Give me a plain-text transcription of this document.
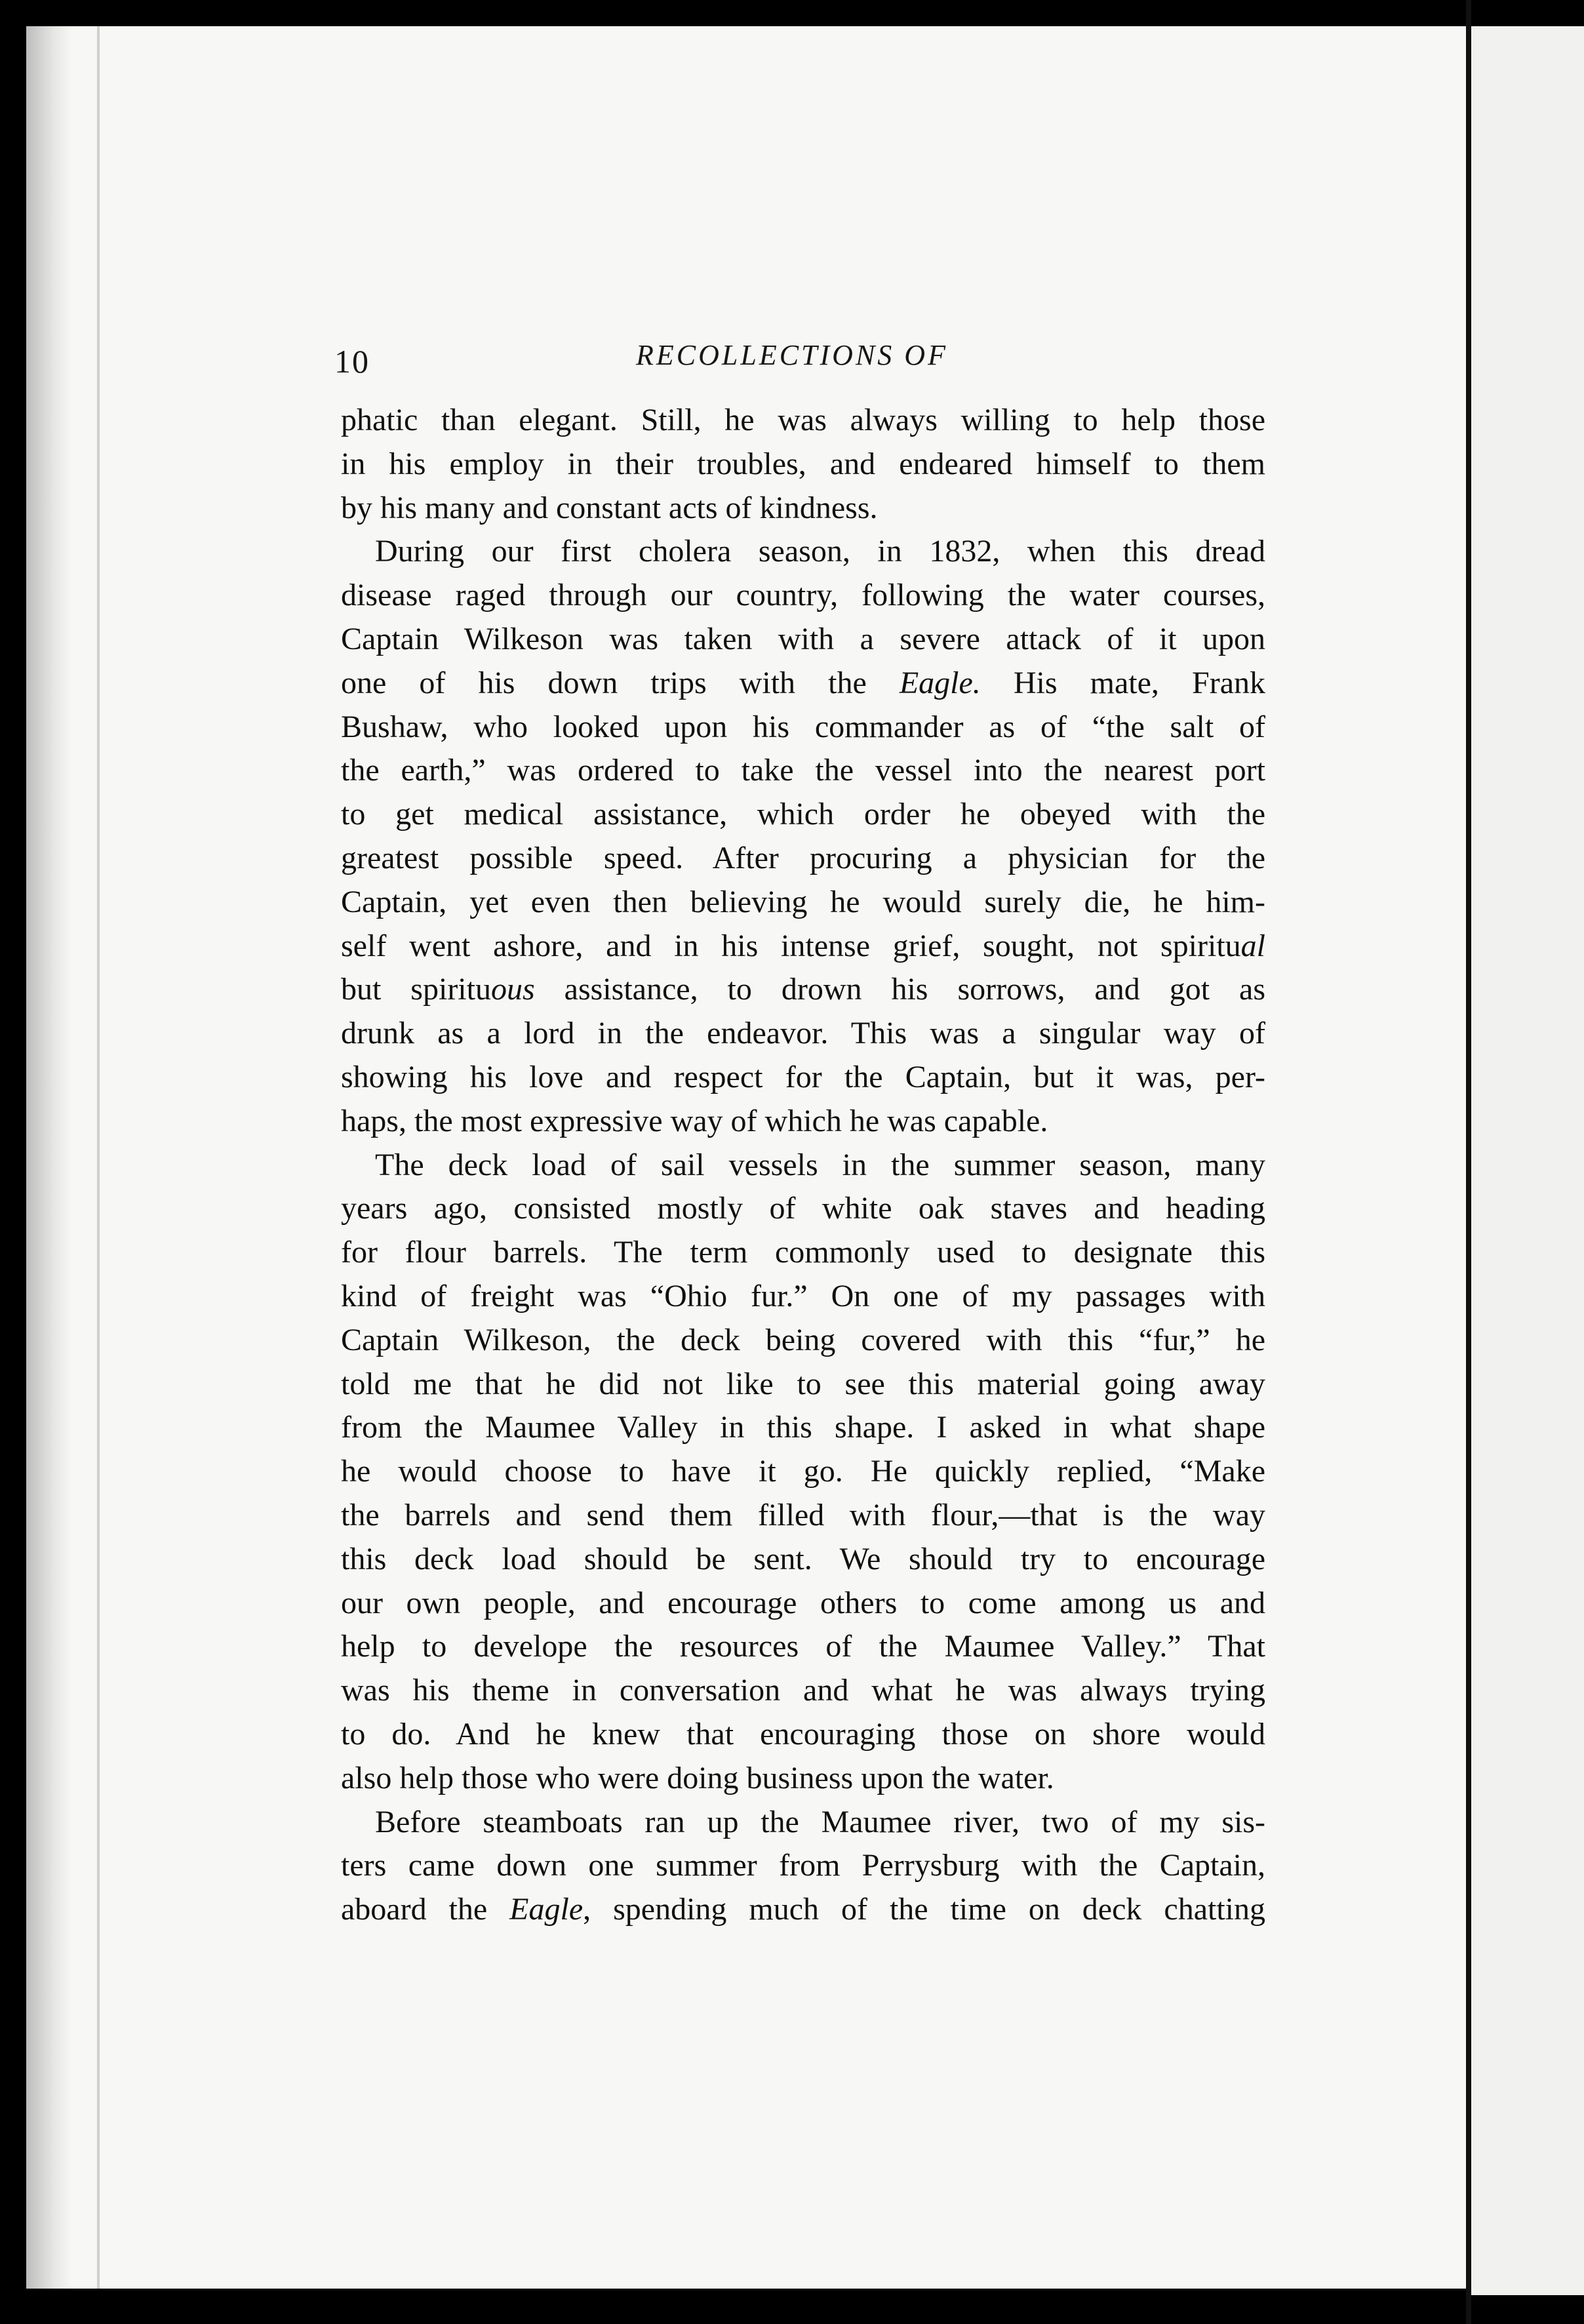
10	RECOLLECTIONS OF
phatic than elegant. Still, he was always willing to help those
in his employ in their troubles, and endeared himself to them
by his many and constant acts of kindness.
During our first cholera season, in 1832, when this dread
disease raged through our country, following the water courses,
Captain Wilkeson was taken with a severe attack of it upon
one of his down trips with the Eagle. His mate, Frank
Bushaw, who looked upon his commander as of “the salt of
the earth,” was ordered to take the vessel into the nearest port
to get medical assistance, which order he obeyed with the
greatest possible speed. After procuring a physician for the
Captain, yet even then believing he would surely die, he him-
self went ashore, and in his intense grief, sought, not spiritual
but spirituous assistance, to drown his sorrows, and got as
drunk as a lord in the endeavor. This was a singular way of
showing his love and respect for the Captain, but it was, per-
haps, the most expressive way of which he was capable.
The deck load of sail vessels in the summer season, many
years ago, consisted mostly of white oak staves and heading
for flour barrels. The term commonly used to designate this
kind of freight was “Ohio fur.” On one of my passages with
Captain Wilkeson, the deck being covered with this “fur,” he
told me that he did not like to see this material going away
from the Maumee Valley in this shape. I asked in what shape
he would choose to have it go. He quickly replied, “Make
the barrels and send them filled with flour,—that is the way
this deck load should be sent. We should try to encourage
our own people, and encourage others to come among us and
help to develope the resources of the Maumee Valley.” That
was his theme in conversation and what he was always trying
to do. And he knew that encouraging those on shore would
also help those who were doing business upon the water.
Before steamboats ran up the Maumee river, two of my sis-
ters came down one summer from Perrysburg with the Captain,
aboard the Eagle, spending much of the time on deck chatting
